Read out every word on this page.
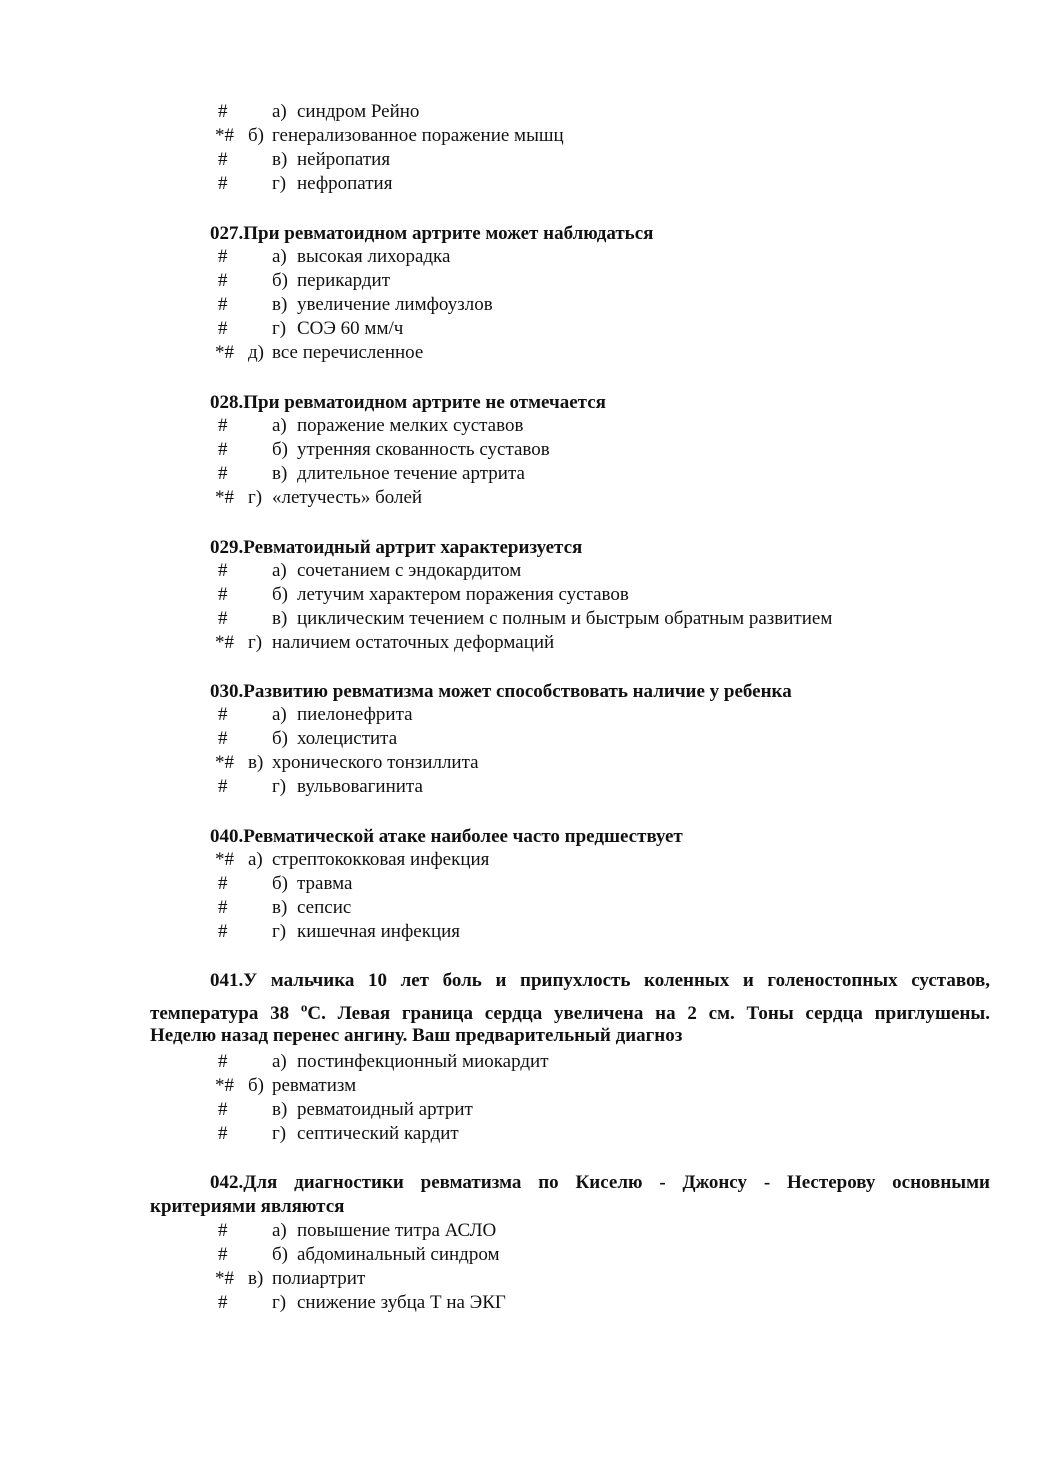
# а) синдром Рейно
*# б) генерализованное поражение мышц
# в) нейропатия
# г) нефропатия
027.При ревматоидном артрите может наблюдаться
# а) высокая лихорадка
# б) перикардит
# в) увеличение лимфоузлов
# г) СОЭ 60 мм/ч
*# д) все перечисленное
028.При ревматоидном артрите не отмечается
# а) поражение мелких суставов
# б) утренняя скованность суставов
# в) длительное течение артрита
*# г) «летучесть» болей
029.Ревматоидный артрит характеризуется
# а) сочетанием с эндокардитом
# б) летучим характером поражения суставов
# в) циклическим течением с полным и быстрым обратным развитием
*# г) наличием остаточных деформаций
030.Развитию ревматизма может способствовать наличие у ребенка
# а) пиелонефрита
# б) холецистита
*# в) хронического тонзиллита
# г) вульвовагинита
040.Ревматической атаке наиболее часто предшествует
*# а) стрептококковая инфекция
# б) травма
# в) сепсис
# г) кишечная инфекция
041.У мальчика 10 лет боль и припухлость коленных и голеностопных суставов,
температура 38 $^о$С. Левая граница сердца увеличена на 2 см. Тоны сердца приглушены.
Неделю назад перенес ангину. Ваш предварительный диагноз
# а) постинфекционный миокардит
*# б) ревматизм
# в) ревматоидный артрит
# г) септический кардит
042.Для диагностики ревматизма по Киселю - Джонсу - Нестерову основными
критериями являются
# а) повышение титра АСЛО
# б) абдоминальный синдром
*# в) полиартрит
# г) снижение зубца Т на ЭКГ
